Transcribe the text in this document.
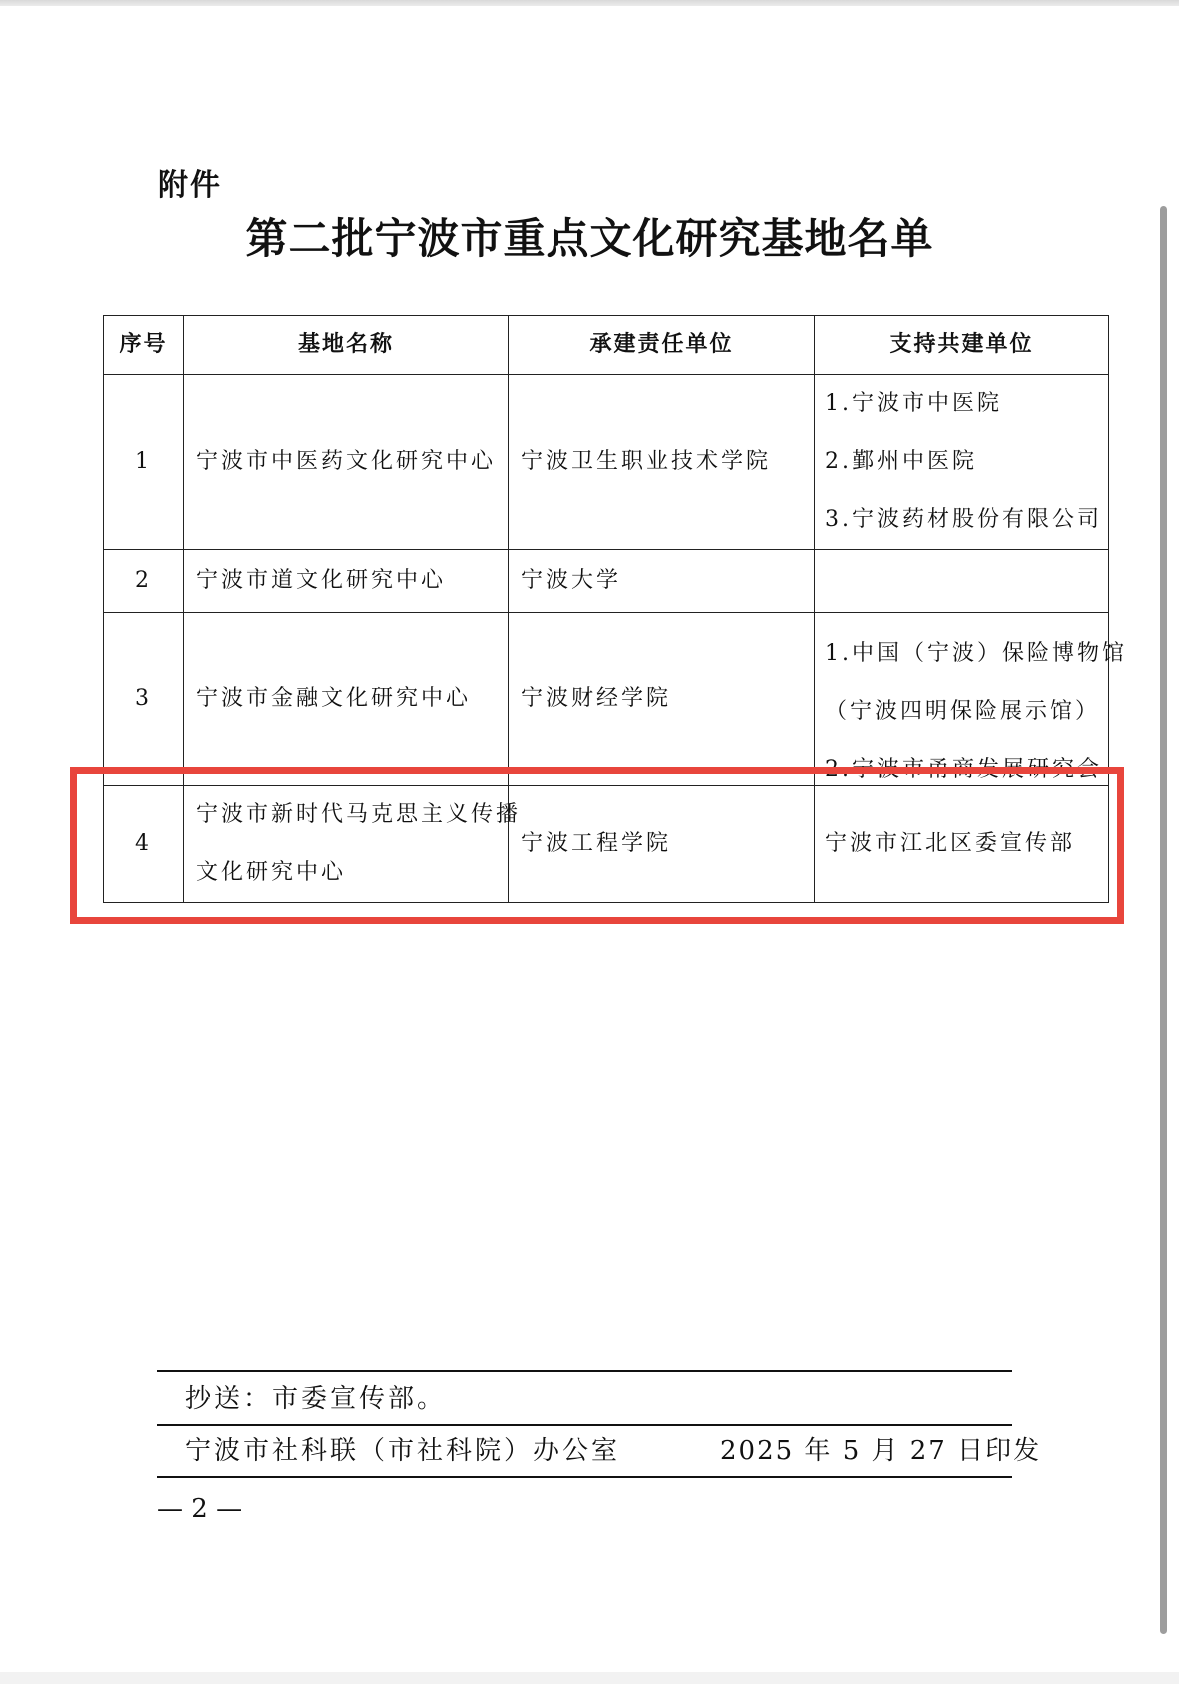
附件
第二批宁波市重点文化研究基地名单
序号	基地名称	承建责任单位	支持共建单位
1	宁波市中医药文化研究中心	宁波卫生职业技术学院	1.宁波市中医院
2.鄞州中医院
3.宁波药材股份有限公司

2	宁波市道文化研究中心	宁波大学	
3	宁波市金融文化研究中心	宁波财经学院	1.中国（宁波）保险博物馆
（宁波四明保险展示馆）
2.宁波市甬商发展研究会

4	宁波市新时代马克思主义传播
文化研究中心	宁波工程学院	宁波市江北区委宣传部
抄送：市委宣传部。
宁波市社科联（市社科院）办公室	2025 年 5 月 27 日印发
— 2 —
